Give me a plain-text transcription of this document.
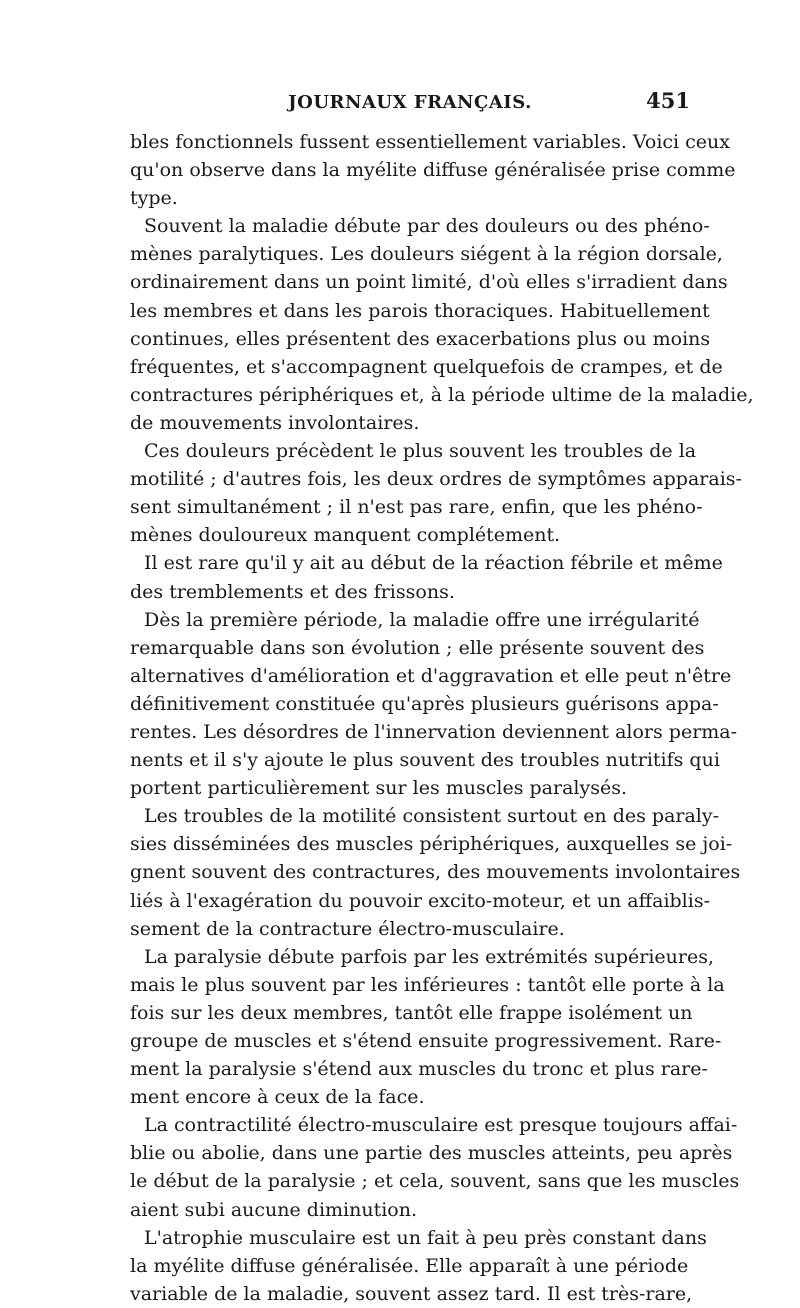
JOURNAUX FRANÇAIS.	451
bles fonctionnels fussent essentiellement variables. Voici ceux
qu'on observe dans la myélite diffuse généralisée prise comme
type.
Souvent la maladie débute par des douleurs ou des phéno-
mènes paralytiques. Les douleurs siégent à la région dorsale,
ordinairement dans un point limité, d'où elles s'irradient dans
les membres et dans les parois thoraciques. Habituellement
continues, elles présentent des exacerbations plus ou moins
fréquentes, et s'accompagnent quelquefois de crampes, et de
contractures périphériques et, à la période ultime de la maladie,
de mouvements involontaires.
Ces douleurs précèdent le plus souvent les troubles de la
motilité ; d'autres fois, les deux ordres de symptômes apparais-
sent simultanément ; il n'est pas rare, enfin, que les phéno-
mènes douloureux manquent complétement.
Il est rare qu'il y ait au début de la réaction fébrile et même
des tremblements et des frissons.
Dès la première période, la maladie offre une irrégularité
remarquable dans son évolution ; elle présente souvent des
alternatives d'amélioration et d'aggravation et elle peut n'être
définitivement constituée qu'après plusieurs guérisons appa-
rentes. Les désordres de l'innervation deviennent alors perma-
nents et il s'y ajoute le plus souvent des troubles nutritifs qui
portent particulièrement sur les muscles paralysés.
Les troubles de la motilité consistent surtout en des paraly-
sies disséminées des muscles périphériques, auxquelles se joi-
gnent souvent des contractures, des mouvements involontaires
liés à l'exagération du pouvoir excito-moteur, et un affaiblis-
sement de la contracture électro-musculaire.
La paralysie débute parfois par les extrémités supérieures,
mais le plus souvent par les inférieures : tantôt elle porte à la
fois sur les deux membres, tantôt elle frappe isolément un
groupe de muscles et s'étend ensuite progressivement. Rare-
ment la paralysie s'étend aux muscles du tronc et plus rare-
ment encore à ceux de la face.
La contractilité électro-musculaire est presque toujours affai-
blie ou abolie, dans une partie des muscles atteints, peu après
le début de la paralysie ; et cela, souvent, sans que les muscles
aient subi aucune diminution.
L'atrophie musculaire est un fait à peu près constant dans
la myélite diffuse généralisée. Elle apparaît à une période
variable de la maladie, souvent assez tard. Il est très-rare,
